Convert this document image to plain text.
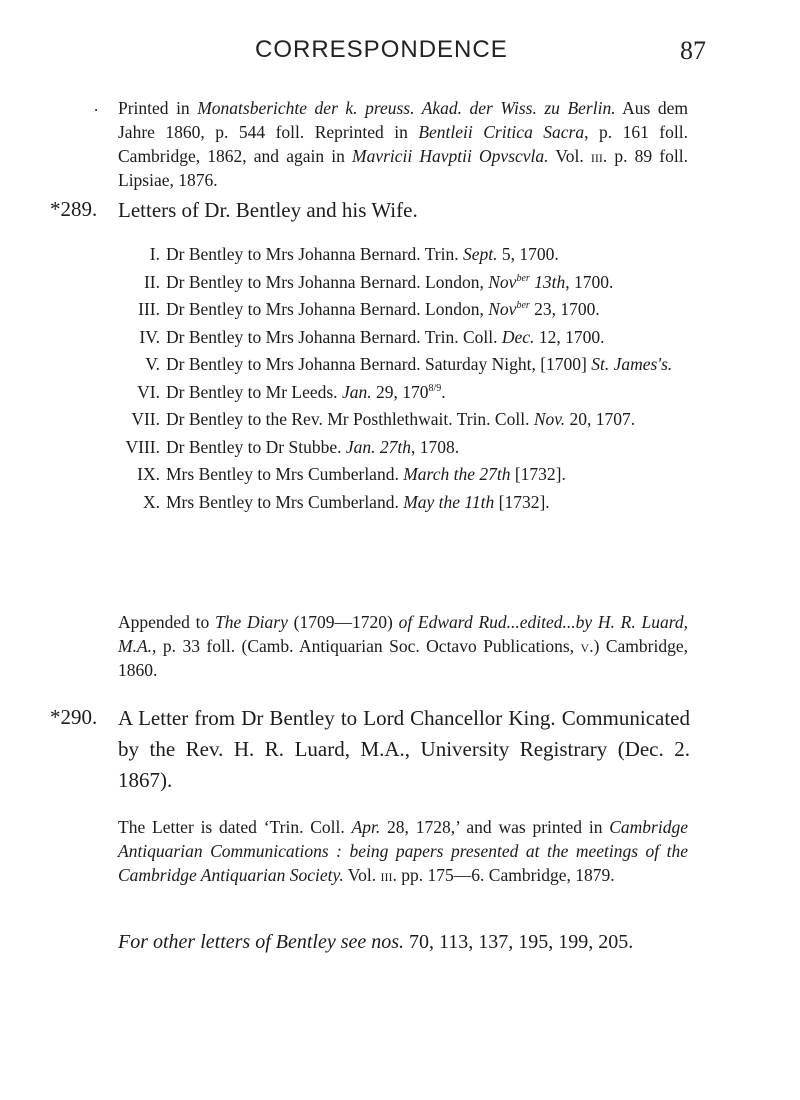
CORRESPONDENCE	87
. Printed in Monatsberichte der k. preuss. Akad. der Wiss. zu Berlin. Aus dem Jahre 1860, p. 544 foll. Reprinted in Bentleii Critica Sacra, p. 161 foll. Cambridge, 1862, and again in Mavricii Havptii Opvscvla. Vol. iii. p. 89 foll. Lipsiae, 1876.

*289. Letters of Dr. Bentley and his Wife.
I. Dr Bentley to Mrs Johanna Bernard. Trin. Sept. 5, 1700.
II. Dr Bentley to Mrs Johanna Bernard. London, Nov$^{ber}$ 13th, 1700.
III. Dr Bentley to Mrs Johanna Bernard. London, Nov$^{ber}$ 23, 1700.
IV. Dr Bentley to Mrs Johanna Bernard. Trin. Coll. Dec. 12, 1700.
V. Dr Bentley to Mrs Johanna Bernard. Saturday Night, [1700] St. James's.
VI. Dr Bentley to Mr Leeds. Jan. 29, $170^{8/9}$.
VII. Dr Bentley to the Rev. Mr Posthlethwait. Trin. Coll. Nov. 20, 1707.
VIII. Dr Bentley to Dr Stubbe. Jan. 27th, 1708.
IX. Mrs Bentley to Mrs Cumberland. March the 27th [1732].
X. Mrs Bentley to Mrs Cumberland. May the 11th [1732].

Appended to The Diary (1709—1720) of Edward Rud...edited...by H. R. Luard, M.A., p. 33 foll. (Camb. Antiquarian Soc. Octavo Publications, v.) Cambridge, 1860.

*290. A Letter from Dr Bentley to Lord Chancellor King. Communicated by the Rev. H. R. Luard, M.A., University Registrary (Dec. 2. 1867).

The Letter is dated ‘Trin. Coll. Apr. 28, 1728,’ and was printed in Cambridge Antiquarian Communications : being papers presented at the meetings of the Cambridge Antiquarian Society. Vol. iii. pp. 175—6. Cambridge, 1879.

For other letters of Bentley see nos. 70, 113, 137, 195, 199, 205.
